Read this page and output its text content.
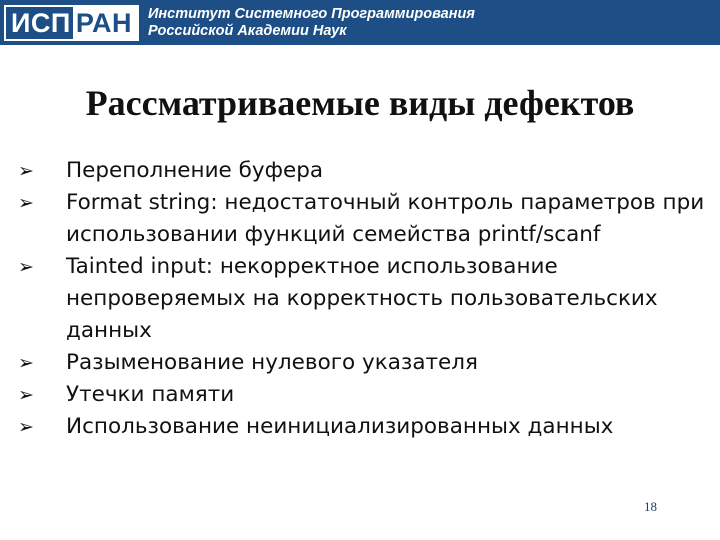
ИСП РАН	Институт Системного Программирования
Российской Академии Наук
Рассматриваемые виды дефектов
➢ Переполнение буфера
➢ Format string: недостаточный контроль параметров при использовании функций семейства printf/scanf
➢ Tainted input: некорректное использование непроверяемых на корректность пользовательских данных
➢ Разыменование нулевого указателя
➢ Утечки памяти
➢ Использование неинициализированных данных
18
